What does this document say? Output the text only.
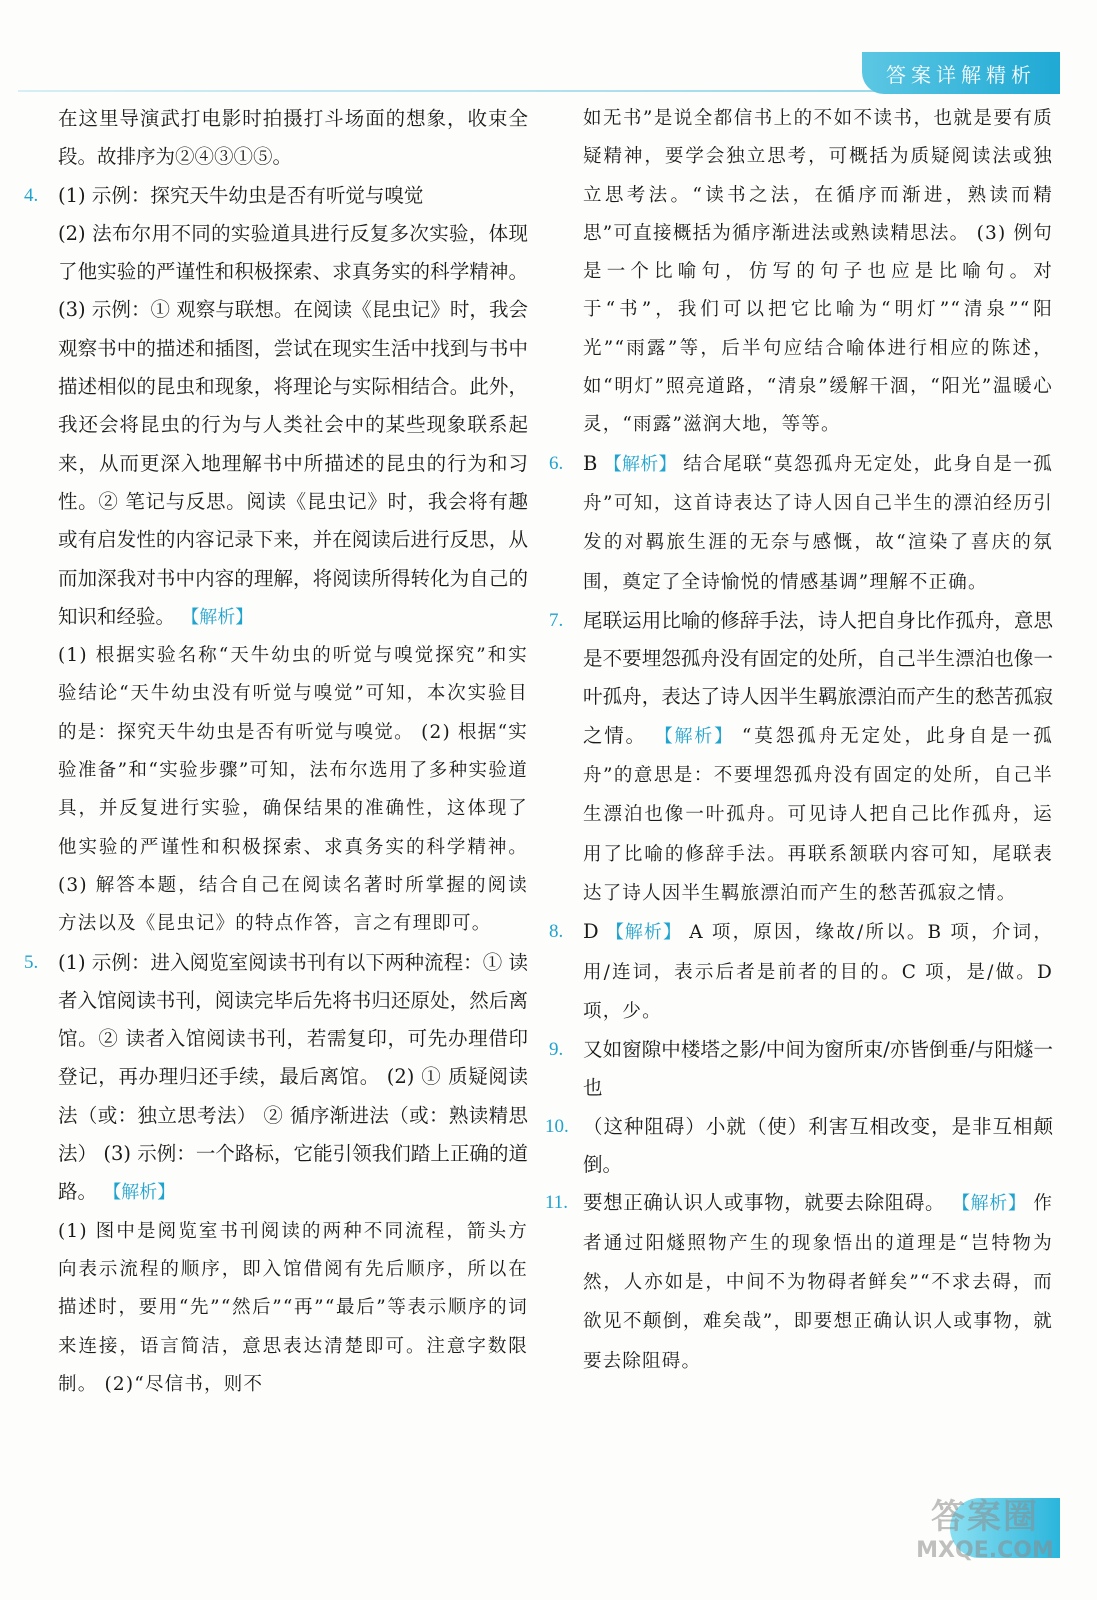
答案详解精析

在这里导演武打电影时拍摄打斗场面的想象，收束全段。故排序为②④③①⑤。

4. (1) 示例：探究天牛幼虫是否有听觉与嗅觉
(2) 法布尔用不同的实验道具进行反复多次实验，体现了他实验的严谨性和积极探索、求真务实的科学精神。 (3) 示例：① 观察与联想。在阅读《昆虫记》时，我会观察书中的描述和插图，尝试在现实生活中找到与书中描述相似的昆虫和现象，将理论与实际相结合。此外，我还会将昆虫的行为与人类社会中的某些现象联系起来，从而更深入地理解书中所描述的昆虫的行为和习性。② 笔记与反思。阅读《昆虫记》时，我会将有趣或有启发性的内容记录下来，并在阅读后进行反思，从而加深我对书中内容的理解，将阅读所得转化为自己的知识和经验。 【解析】
(1) 根据实验名称“天牛幼虫的听觉与嗅觉探究”和实验结论“天牛幼虫没有听觉与嗅觉”可知，本次实验目的是：探究天牛幼虫是否有听觉与嗅觉。 (2) 根据“实验准备”和“实验步骤”可知，法布尔选用了多种实验道具，并反复进行实验，确保结果的准确性，这体现了他实验的严谨性和积极探索、求真务实的科学精神。 (3) 解答本题，结合自己在阅读名著时所掌握的阅读方法以及《昆虫记》的特点作答，言之有理即可。
5. (1) 示例：进入阅览室阅读书刊有以下两种流程：① 读者入馆阅读书刊，阅读完毕后先将书归还原处，然后离馆。② 读者入馆阅读书刊，若需复印，可先办理借印登记，再办理归还手续，最后离馆。 (2) ① 质疑阅读法（或：独立思考法） ② 循序渐进法（或：熟读精思法） (3) 示例：一个路标，它能引领我们踏上正确的道路。 【解析】
(1) 图中是阅览室书刊阅读的两种不同流程，箭头方向表示流程的顺序，即入馆借阅有先后顺序，所以在描述时，要用“先”“然后”“再”“最后”等表示顺序的词来连接，语言简洁，意思表达清楚即可。注意字数限制。 (2)“尽信书，则不

如无书”是说全都信书上的不如不读书，也就是要有质疑精神，要学会独立思考，可概括为质疑阅读法或独立思考法。“读书之法，在循序而渐进，熟读而精思”可直接概括为循序渐进法或熟读精思法。 (3) 例句是一个比喻句，仿写的句子也应是比喻句。对于“书”，我们可以把它比喻为“明灯”“清泉”“阳光”“雨露”等，后半句应结合喻体进行相应的陈述，如“明灯”照亮道路，“清泉”缓解干涸，“阳光”温暖心灵，“雨露”滋润大地，等等。

6. B 【解析】 结合尾联“莫怨孤舟无定处，此身自是一孤舟”可知，这首诗表达了诗人因自己半生的漂泊经历引发的对羁旅生涯的无奈与感慨，故“渲染了喜庆的氛围，奠定了全诗愉悦的情感基调”理解不正确。
7. 尾联运用比喻的修辞手法，诗人把自身比作孤舟，意思是不要埋怨孤舟没有固定的处所，自己半生漂泊也像一叶孤舟，表达了诗人因半生羁旅漂泊而产生的愁苦孤寂之情。 【解析】 “莫怨孤舟无定处，此身自是一孤舟”的意思是：不要埋怨孤舟没有固定的处所，自己半生漂泊也像一叶孤舟。可见诗人把自己比作孤舟，运用了比喻的修辞手法。再联系颔联内容可知，尾联表达了诗人因半生羁旅漂泊而产生的愁苦孤寂之情。
8. D 【解析】 A 项，原因，缘故/所以。B 项，介词，用/连词，表示后者是前者的目的。C 项，是/做。D 项，少。
9. 又如窗隙中楼塔之影/中间为窗所束/亦皆倒垂/与阳燧一也
10. （这种阻碍）小就（使）利害互相改变，是非互相颠倒。
11. 要想正确认识人或事物，就要去除阻碍。 【解析】 作者通过阳燧照物产生的现象悟出的道理是“岂特物为然，人亦如是，中间不为物碍者鲜矣”“不求去碍，而欲见不颠倒，难矣哉”，即要想正确认识人或事物，就要去除阻碍。
答案圈
MXQE.COM
